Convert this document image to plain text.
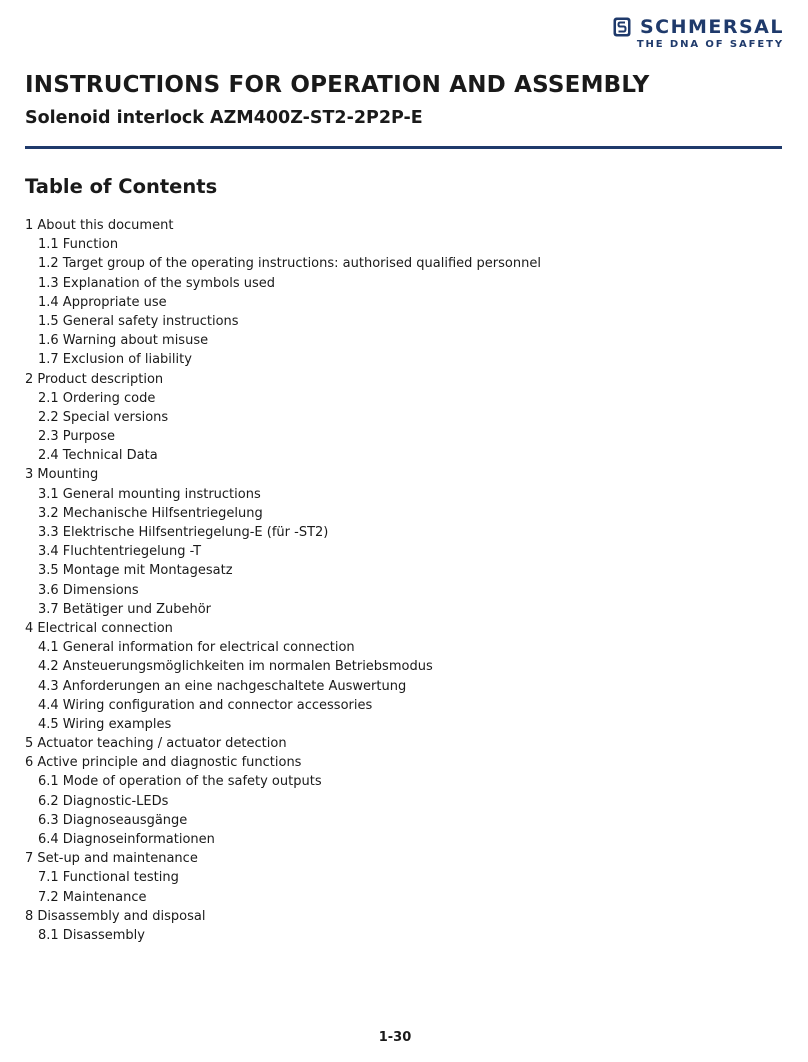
SCHMERSAL
THE DNA OF SAFETY
INSTRUCTIONS FOR OPERATION AND ASSEMBLY
Solenoid interlock AZM400Z-ST2-2P2P-E
Table of Contents
1 About this document
1.1 Function
1.2 Target group of the operating instructions: authorised qualified personnel
1.3 Explanation of the symbols used
1.4 Appropriate use
1.5 General safety instructions
1.6 Warning about misuse
1.7 Exclusion of liability
2 Product description
2.1 Ordering code
2.2 Special versions
2.3 Purpose
2.4 Technical Data
3 Mounting
3.1 General mounting instructions
3.2 Mechanische Hilfsentriegelung
3.3 Elektrische Hilfsentriegelung-E (für -ST2)
3.4 Fluchtentriegelung -T
3.5 Montage mit Montagesatz
3.6 Dimensions
3.7 Betätiger und Zubehör
4 Electrical connection
4.1 General information for electrical connection
4.2 Ansteuerungsmöglichkeiten im normalen Betriebsmodus
4.3 Anforderungen an eine nachgeschaltete Auswertung
4.4 Wiring configuration and connector accessories
4.5 Wiring examples
5 Actuator teaching / actuator detection
6 Active principle and diagnostic functions
6.1 Mode of operation of the safety outputs
6.2 Diagnostic-LEDs
6.3 Diagnoseausgänge
6.4 Diagnoseinformationen
7 Set-up and maintenance
7.1 Functional testing
7.2 Maintenance
8 Disassembly and disposal
8.1 Disassembly
1-30
